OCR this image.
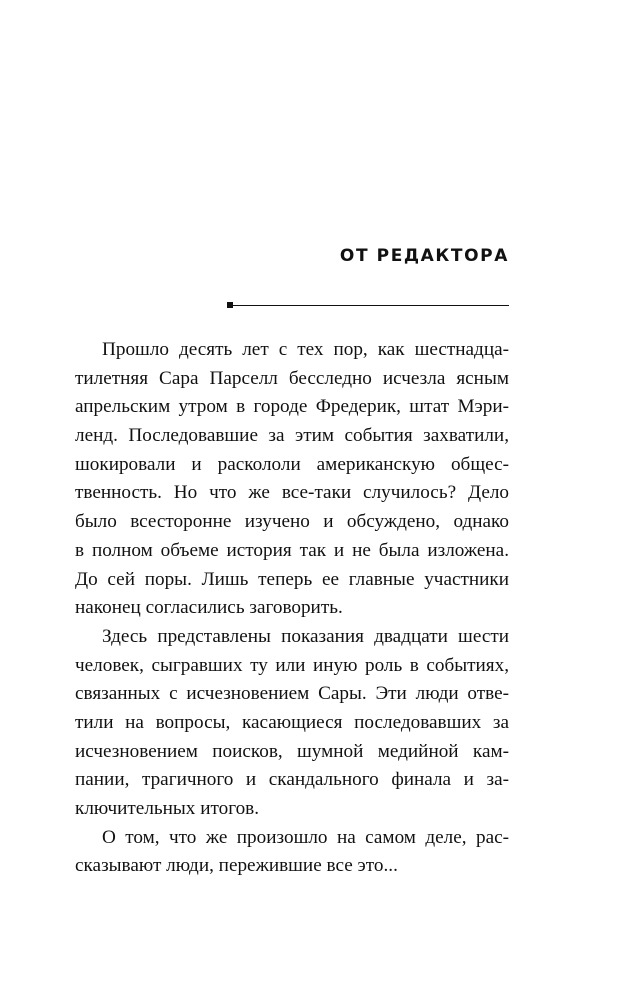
ОТ РЕДАКТОРА
Прошло десять лет с тех пор, как шестнадца-
тилетняя Сара Парселл бесследно исчезла ясным
апрельским утром в городе Фредерик, штат Мэри-
ленд. Последовавшие за этим события захватили,
шокировали и раскололи американскую общес-
твенность. Но что же все-таки случилось? Дело
было всесторонне изучено и обсуждено, однако
в полном объеме история так и не была изложена.
До сей поры. Лишь теперь ее главные участники
наконец согласились заговорить.
Здесь представлены показания двадцати шести
человек, сыгравших ту или иную роль в событиях,
связанных с исчезновением Сары. Эти люди отве-
тили на вопросы, касающиеся последовавших за
исчезновением поисков, шумной медийной кам-
пании, трагичного и скандального финала и за-
ключительных итогов.
О том, что же произошло на самом деле, рас-
сказывают люди, пережившие все это...
